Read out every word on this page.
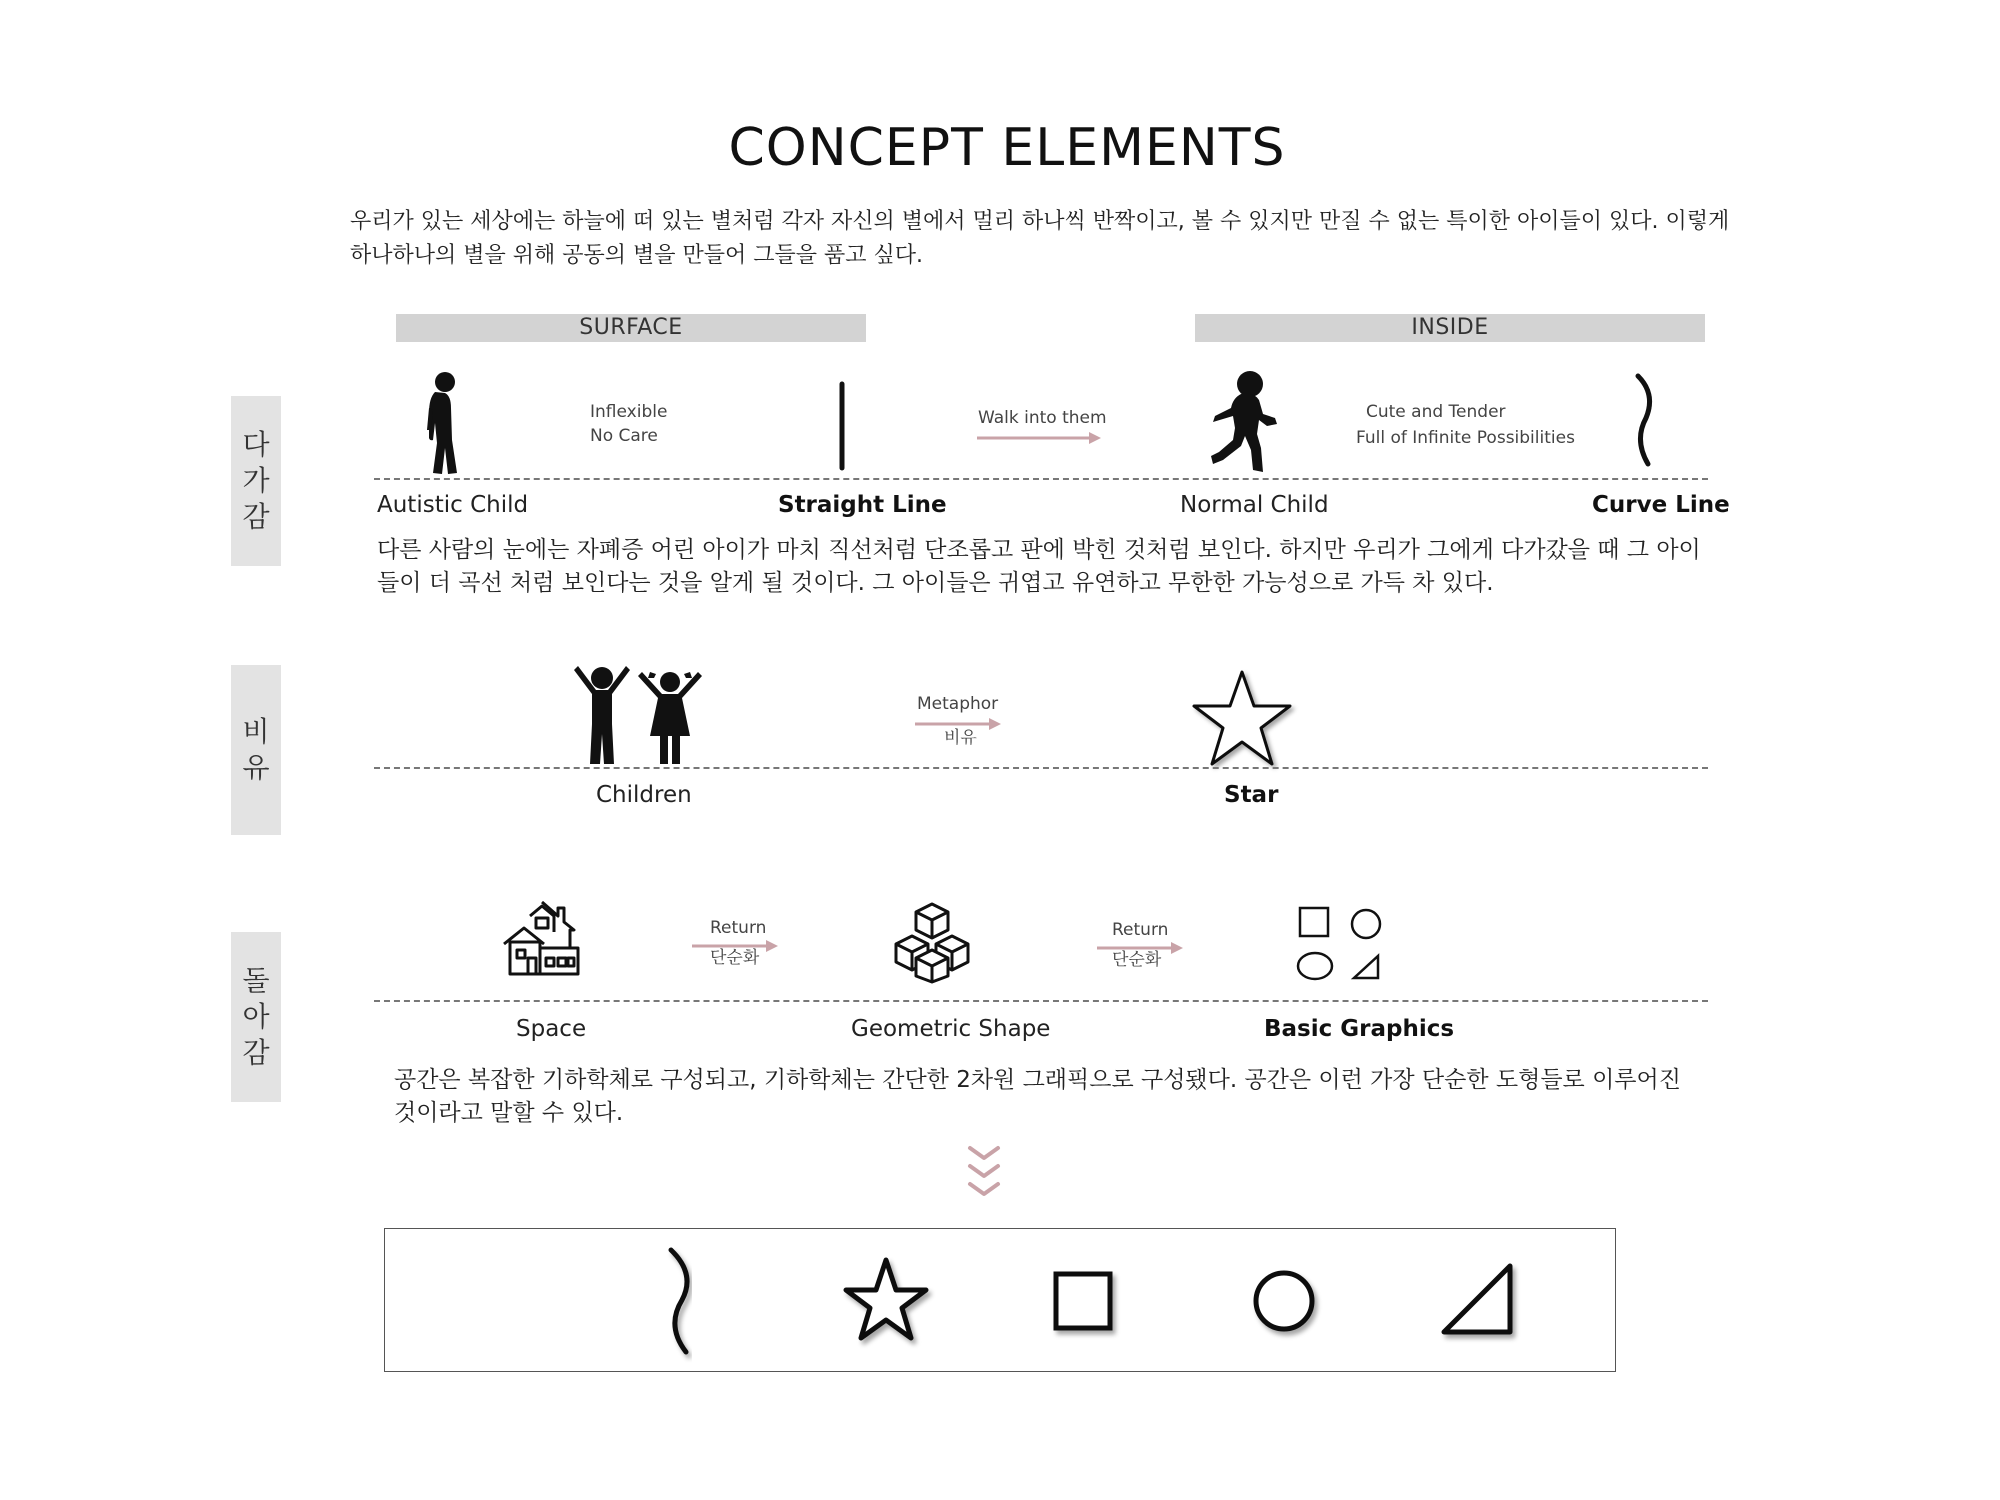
CONCEPT ELEMENTS
우리가 있는 세상에는 하늘에 떠 있는 별처럼 각자 자신의 별에서 멀리 하나씩 반짝이고, 볼 수 있지만 만질 수 없는 특이한 아이들이 있다. 이렇게 하나하나의 별을 위해 공동의 별을 만들어 그들을 품고 싶다.
SURFACE	INSIDE
다
가
감
비
유
돌
아
감
Inflexible
No Care
Walk into them	Cute and Tender
Full of Infinite Possibilities
Autistic Child	Straight Line	Normal Child	Curve Line
다른 사람의 눈에는 자폐증 어린 아이가 마치 직선처럼 단조롭고 판에 박힌 것처럼 보인다. 하지만 우리가 그에게 다가갔을 때 그 아이들이 더 곡선 처럼 보인다는 것을 알게 될 것이다. 그 아이들은 귀엽고 유연하고 무한한 가능성으로 가득 차 있다.
Metaphor
비유
Children	Star
Return
단순화
Return
단순화
Space	Geometric Shape	Basic Graphics
공간은 복잡한 기하학체로 구성되고, 기하학체는 간단한 2차원 그래픽으로 구성됐다. 공간은 이런 가장 단순한 도형들로 이루어진 것이라고 말할 수 있다.
